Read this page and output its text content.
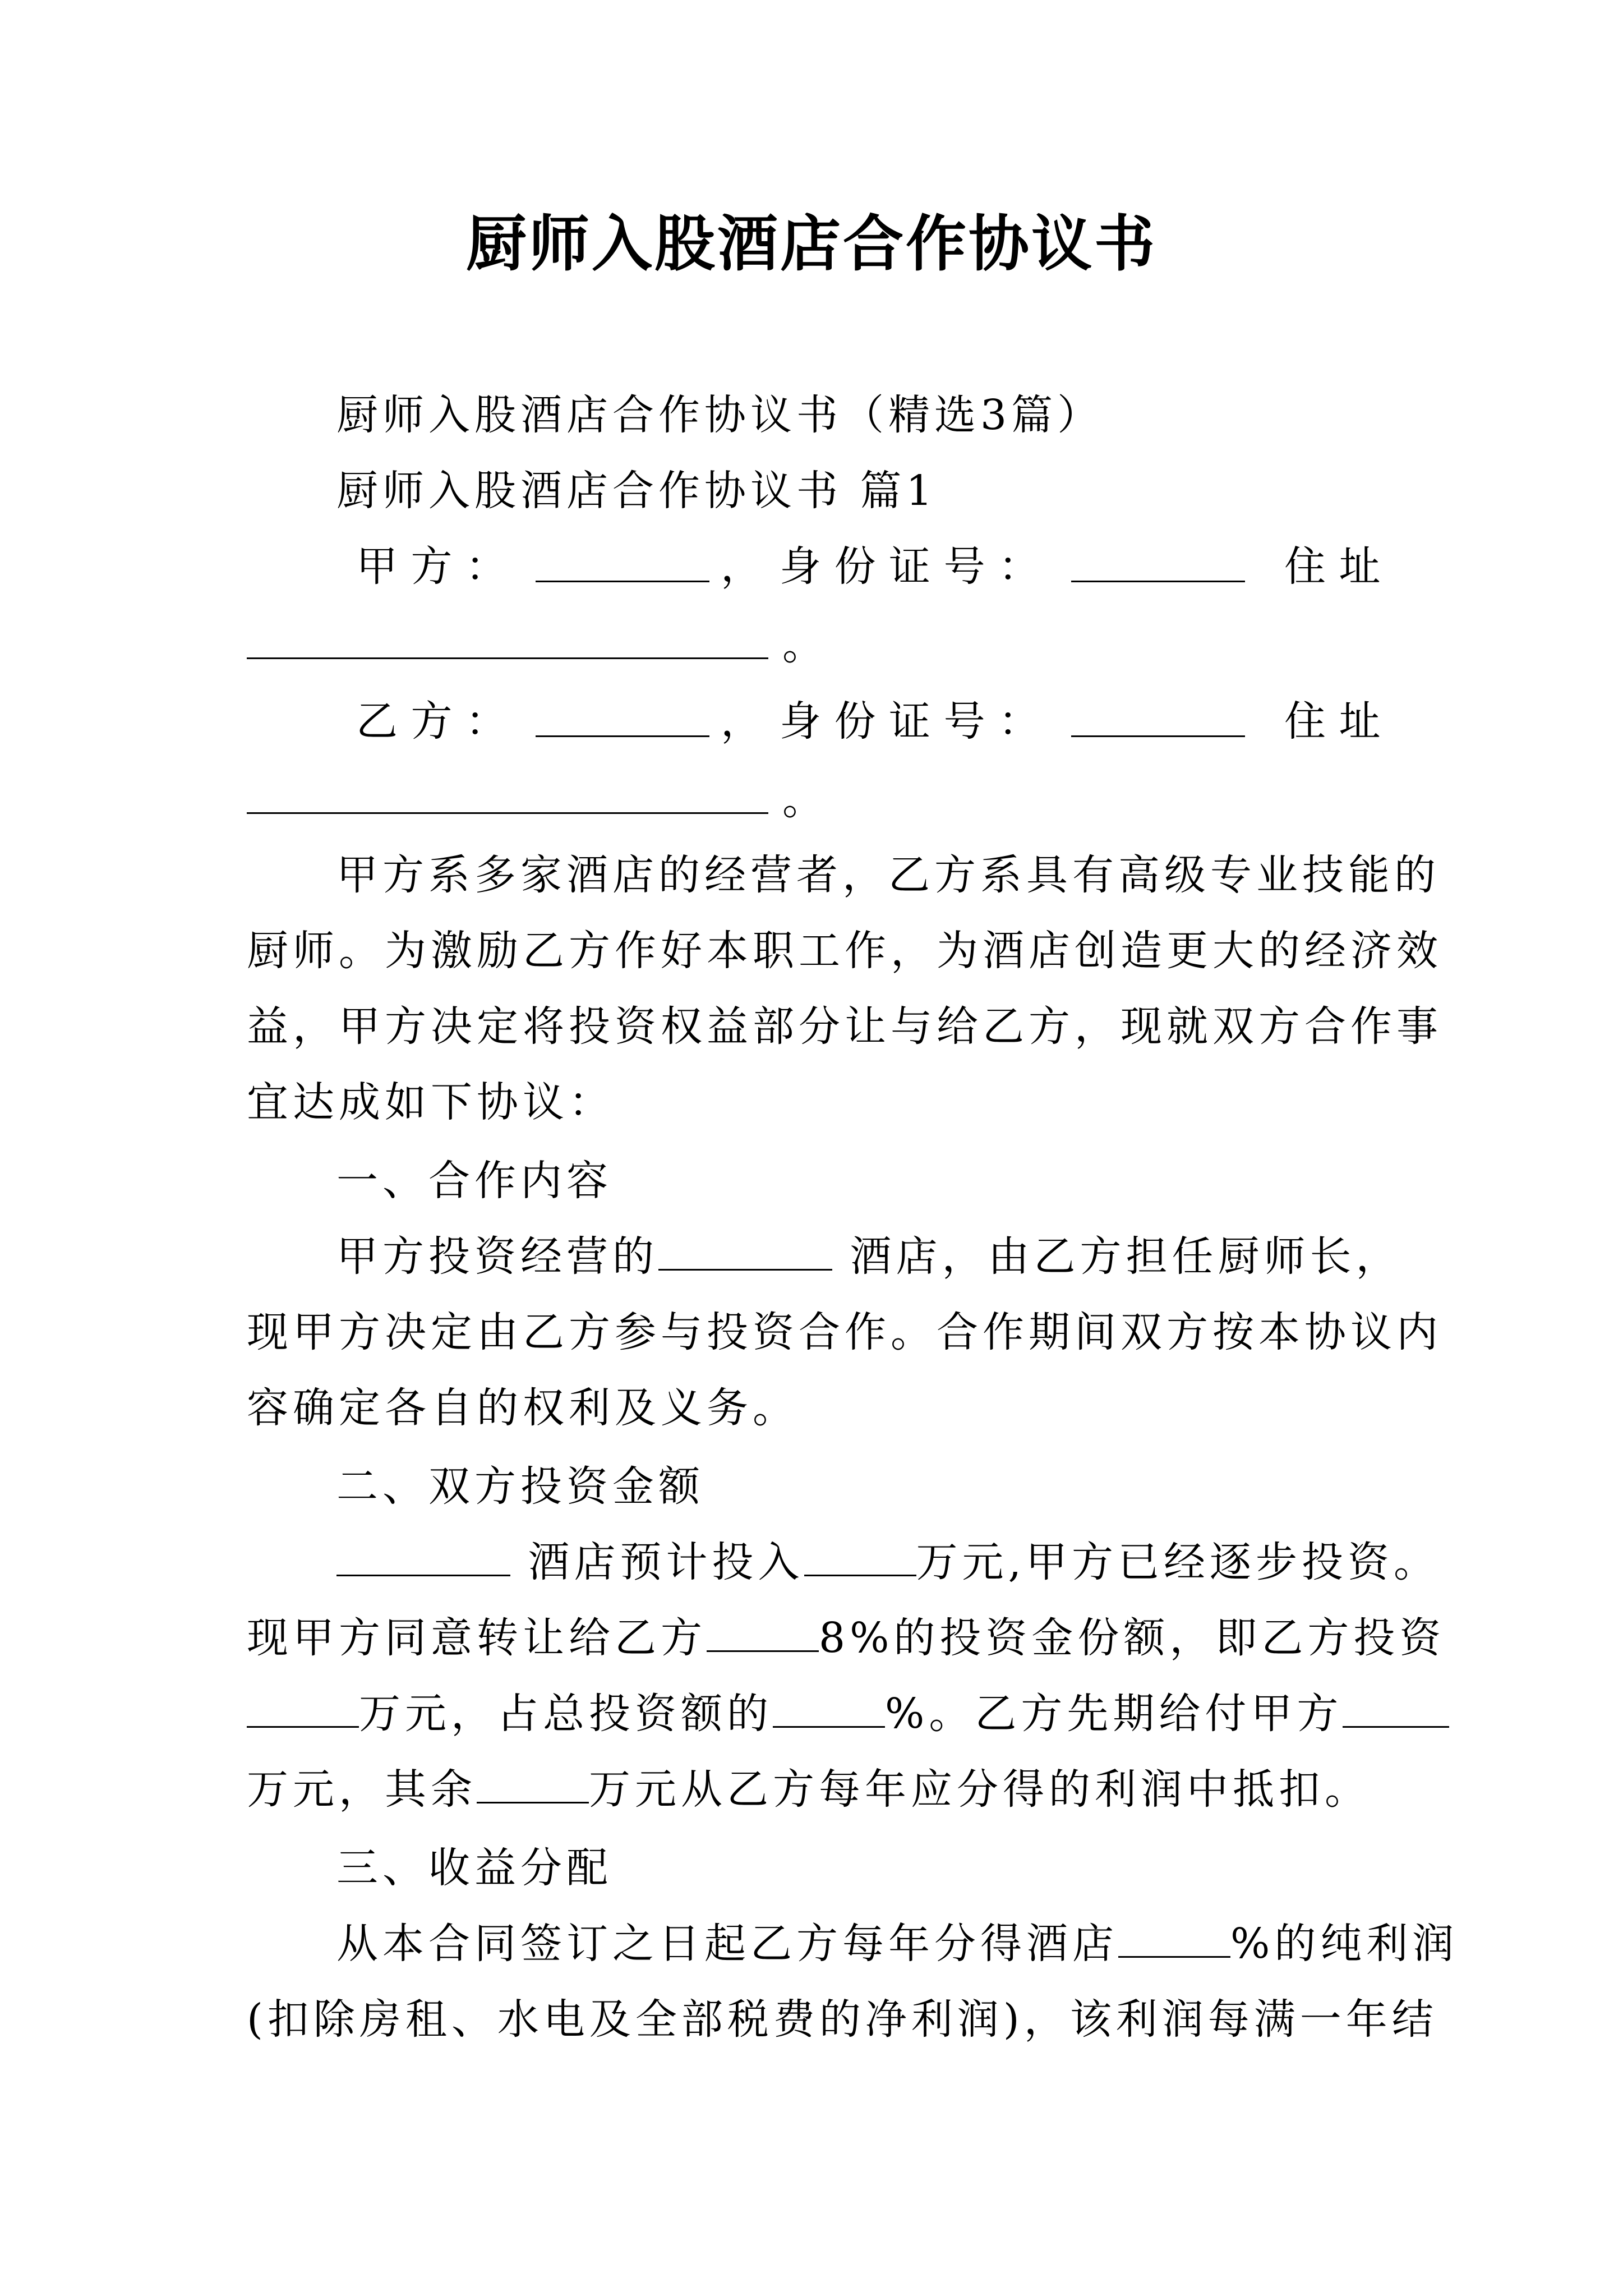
厨师入股酒店合作协议书
厨师入股酒店合作协议书（精选3篇）
厨师入股酒店合作协议书 篇1
甲 方 ：	， 身 份 证 号 ：	住 址
。
乙 方 ：	， 身 份 证 号 ：	住 址
。
甲方系多家酒店的经营者，乙方系具有高级专业技能的
厨师。为激励乙方作好本职工作，为酒店创造更大的经济效
益，甲方决定将投资权益部分让与给乙方，现就双方合作事
宜达成如下协议：
一、合作内容
甲方投资经营的	酒店，由乙方担任厨师长，
现甲方决定由乙方参与投资合作。合作期间双方按本协议内
容确定各自的权利及义务。
二、双方投资金额
酒店预计投入	万元,甲方已经逐步投资。
现甲方同意转让给乙方	8%的投资金份额，即乙方投资
万元，占总投资额的	%。乙方先期给付甲方
万元，其余	万元从乙方每年应分得的利润中抵扣。
三、收益分配
从本合同签订之日起乙方每年分得酒店	%的纯利润
(扣除房租、水电及全部税费的净利润)，该利润每满一年结
